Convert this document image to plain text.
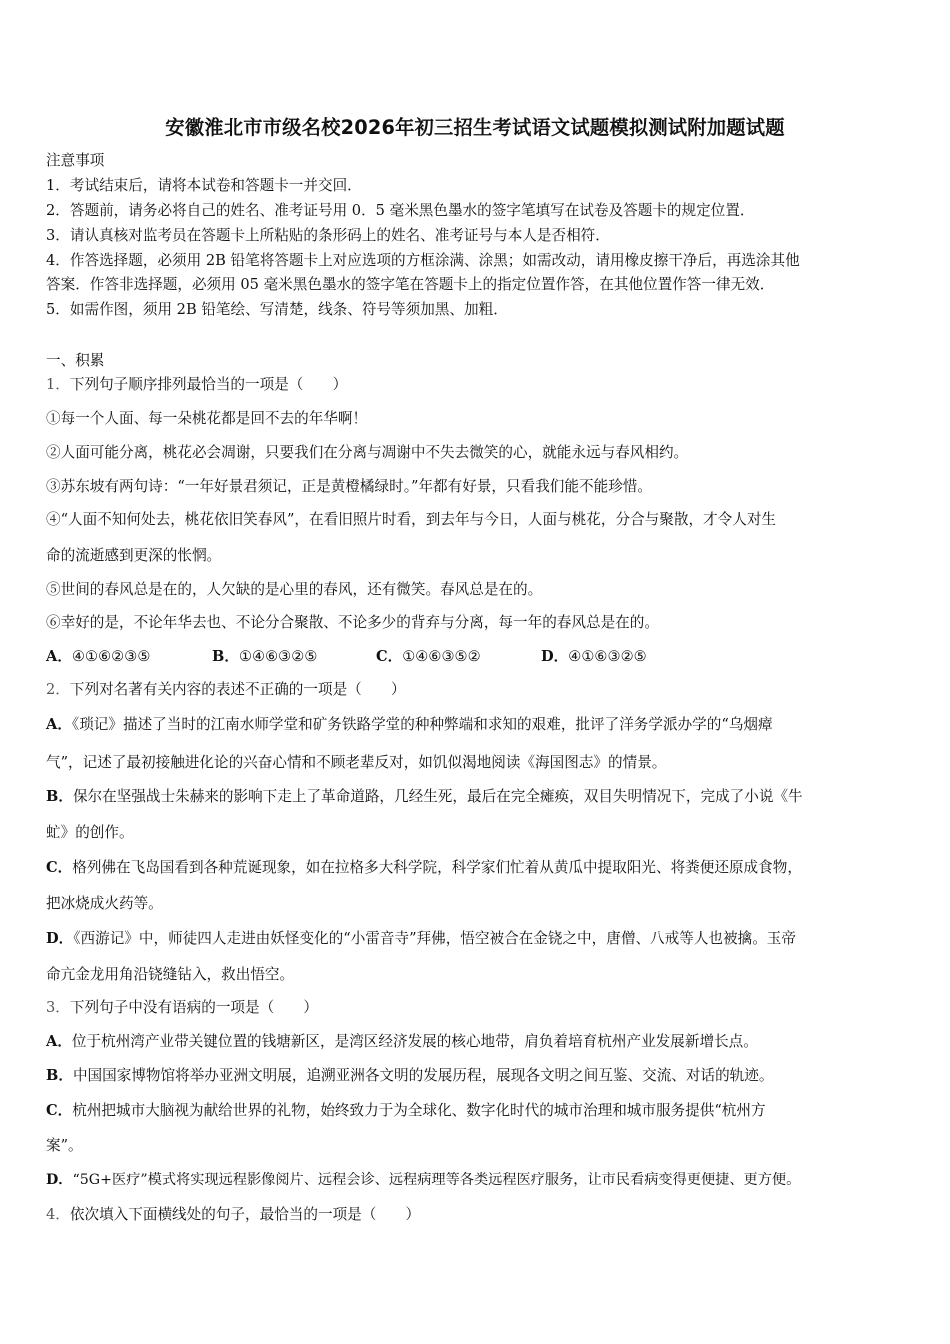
安徽淮北市市级名校2026年初三招生考试语文试题模拟测试附加题试题
注意事项
1．考试结束后，请将本试卷和答题卡一并交回．
2．答题前，请务必将自己的姓名、准考证号用 0．5 毫米黑色墨水的签字笔填写在试卷及答题卡的规定位置．
3．请认真核对监考员在答题卡上所粘贴的条形码上的姓名、准考证号与本人是否相符．
4．作答选择题，必须用 2B 铅笔将答题卡上对应选项的方框涂满、涂黑；如需改动，请用橡皮擦干净后，再选涂其他
答案．作答非选择题，必须用 05 毫米黑色墨水的签字笔在答题卡上的指定位置作答，在其他位置作答一律无效．
5．如需作图，须用 2B 铅笔绘、写清楚，线条、符号等须加黑、加粗．
一、积累
1．下列句子顺序排列最恰当的一项是（　　）
①每一个人面、每一朵桃花都是回不去的年华啊！
②人面可能分离，桃花必会凋谢，只要我们在分离与凋谢中不失去微笑的心，就能永远与春风相约。
③苏东坡有两句诗：“一年好景君须记，正是黄橙橘绿时。”年都有好景，只看我们能不能珍惜。
④“人面不知何处去，桃花依旧笑春风”，在看旧照片时看，到去年与今日，人面与桃花，分合与聚散，才令人对生
命的流逝感到更深的怅惘。
⑤世间的春风总是在的，人欠缺的是心里的春风，还有微笑。春风总是在的。
⑥幸好的是，不论年华去也、不论分合聚散、不论多少的背弃与分离，每一年的春风总是在的。
A．④①⑥②③⑤	B．①④⑥③②⑤	C．①④⑥③⑤②	D．④①⑥③②⑤
2．下列对名著有关内容的表述不正确的一项是（　　）
A．《琐记》描述了当时的江南水师学堂和矿务铁路学堂的种种弊端和求知的艰难，批评了洋务学派办学的“乌烟瘴
气”，记述了最初接触进化论的兴奋心情和不顾老辈反对，如饥似渴地阅读《海国图志》的情景。
B．保尔在坚强战士朱赫来的影响下走上了革命道路，几经生死，最后在完全瘫痪，双目失明情况下，完成了小说《牛
虻》的创作。
C．格列佛在飞岛国看到各种荒诞现象，如在拉格多大科学院，科学家们忙着从黄瓜中提取阳光、将粪便还原成食物，
把冰烧成火药等。
D．《西游记》中，师徒四人走进由妖怪变化的“小雷音寺”拜佛，悟空被合在金铙之中，唐僧、八戒等人也被擒。玉帝
命亢金龙用角沿铙缝钻入，救出悟空。
3．下列句子中没有语病的一项是（　　）
A．位于杭州湾产业带关键位置的钱塘新区，是湾区经济发展的核心地带，肩负着培育杭州产业发展新增长点。
B．中国国家博物馆将举办亚洲文明展，追溯亚洲各文明的发展历程，展现各文明之间互鉴、交流、对话的轨迹。
C．杭州把城市大脑视为献给世界的礼物，始终致力于为全球化、数字化时代的城市治理和城市服务提供“杭州方
案”。
D．“5G+医疗”模式将实现远程影像阅片、远程会诊、远程病理等各类远程医疗服务，让市民看病变得更便捷、更方便。
4．依次填入下面横线处的句子，最恰当的一项是（　　）
